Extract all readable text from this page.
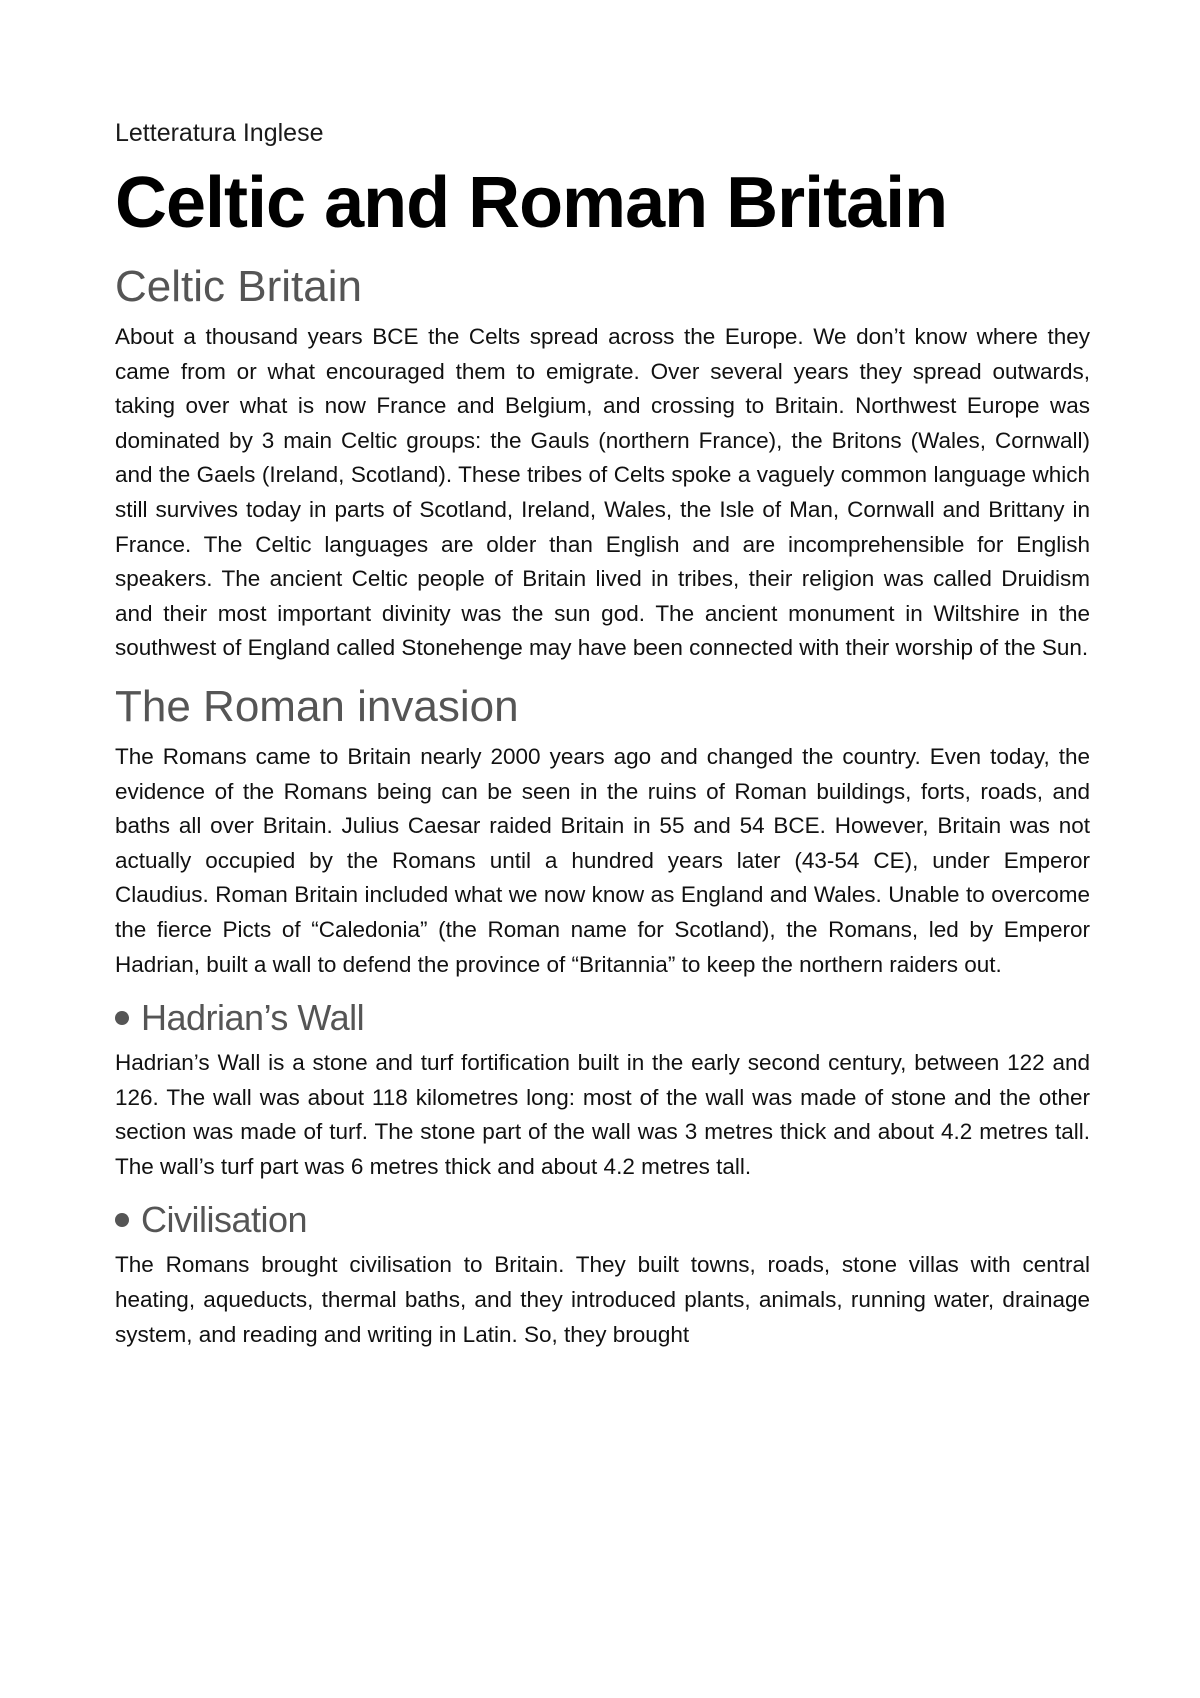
Letteratura Inglese
Celtic and Roman Britain
Celtic Britain

About a thousand years BCE the Celts spread across the Europe. We don’t know where they came from or what encouraged them to emigrate. Over several years they spread outwards, taking over what is now France and Belgium, and crossing to Britain. Northwest Europe was dominated by 3 main Celtic groups: the Gauls (northern France), the Britons (Wales, Cornwall) and the Gaels (Ireland, Scotland). These tribes of Celts spoke a vaguely common language which still survives today in parts of Scotland, Ireland, Wales, the Isle of Man, Cornwall and Brittany in France. The Celtic languages are older than English and are incomprehensible for English speakers. The ancient Celtic people of Britain lived in tribes, their religion was called Druidism and their most important divinity was the sun god. The ancient monument in Wiltshire in the southwest of England called Stonehenge may have been connected with their worship of the Sun.

The Roman invasion

The Romans came to Britain nearly 2000 years ago and changed the country. Even today, the evidence of the Romans being can be seen in the ruins of Roman buildings, forts, roads, and baths all over Britain. Julius Caesar raided Britain in 55 and 54 BCE. However, Britain was not actually occupied by the Romans until a hundred years later (43-54 CE), under Emperor Claudius. Roman Britain included what we now know as England and Wales. Unable to overcome the fierce Picts of “Caledonia” (the Roman name for Scotland), the Romans, led by Emperor Hadrian, built a wall to defend the province of “Britannia” to keep the northern raiders out.

Hadrian’s Wall

Hadrian’s Wall is a stone and turf fortification built in the early second century, between 122 and 126. The wall was about 118 kilometres long: most of the wall was made of stone and the other section was made of turf. The stone part of the wall was 3 metres thick and about 4.2 metres tall. The wall’s turf part was 6 metres thick and about 4.2 metres tall.

Civilisation

The Romans brought civilisation to Britain. They built towns, roads, stone villas with central heating, aqueducts, thermal baths, and they introduced plants, animals, running water, drainage system, and reading and writing in Latin. So, they brought
